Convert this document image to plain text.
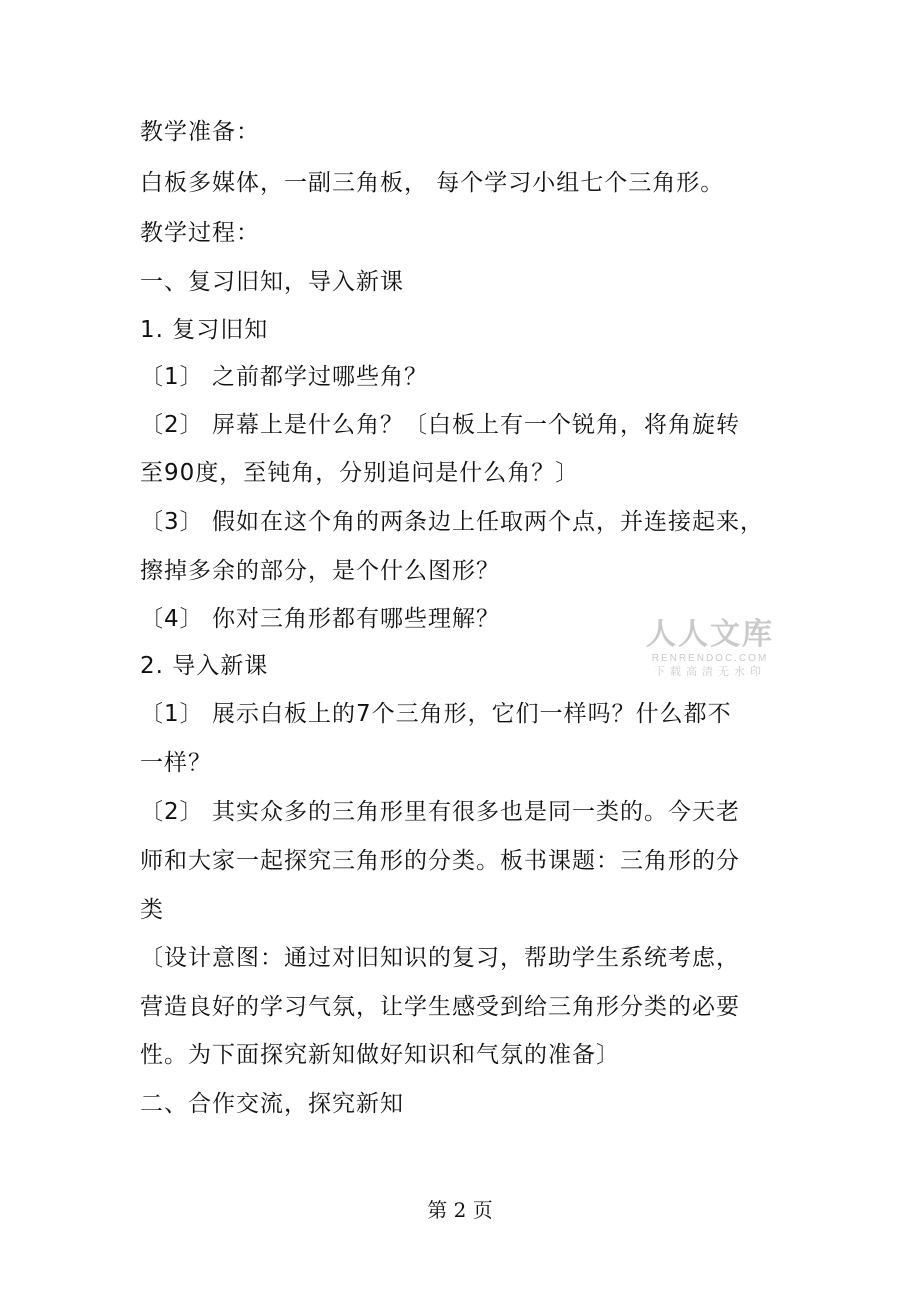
教学准备：
白板多媒体，一副三角板， 每个学习小组七个三角形。
教学过程：
一、复习旧知，导入新课
1. 复习旧知
〔1〕 之前都学过哪些角？
〔2〕 屏幕上是什么角？〔白板上有一个锐角，将角旋转
至90度，至钝角，分别追问是什么角？〕
〔3〕 假如在这个角的两条边上任取两个点，并连接起来，
擦掉多余的部分，是个什么图形？
〔4〕 你对三角形都有哪些理解？
2. 导入新课
〔1〕 展示白板上的7个三角形，它们一样吗？什么都不
一样？
〔2〕 其实众多的三角形里有很多也是同一类的。今天老
师和大家一起探究三角形的分类。板书课题：三角形的分
类
〔设计意图：通过对旧知识的复习，帮助学生系统考虑，
营造良好的学习气氛，让学生感受到给三角形分类的必要
性。为下面探究新知做好知识和气氛的准备〕
二、合作交流，探究新知
人人文库
RENRENDOC.COM
下载高清无水印
第 2 页
